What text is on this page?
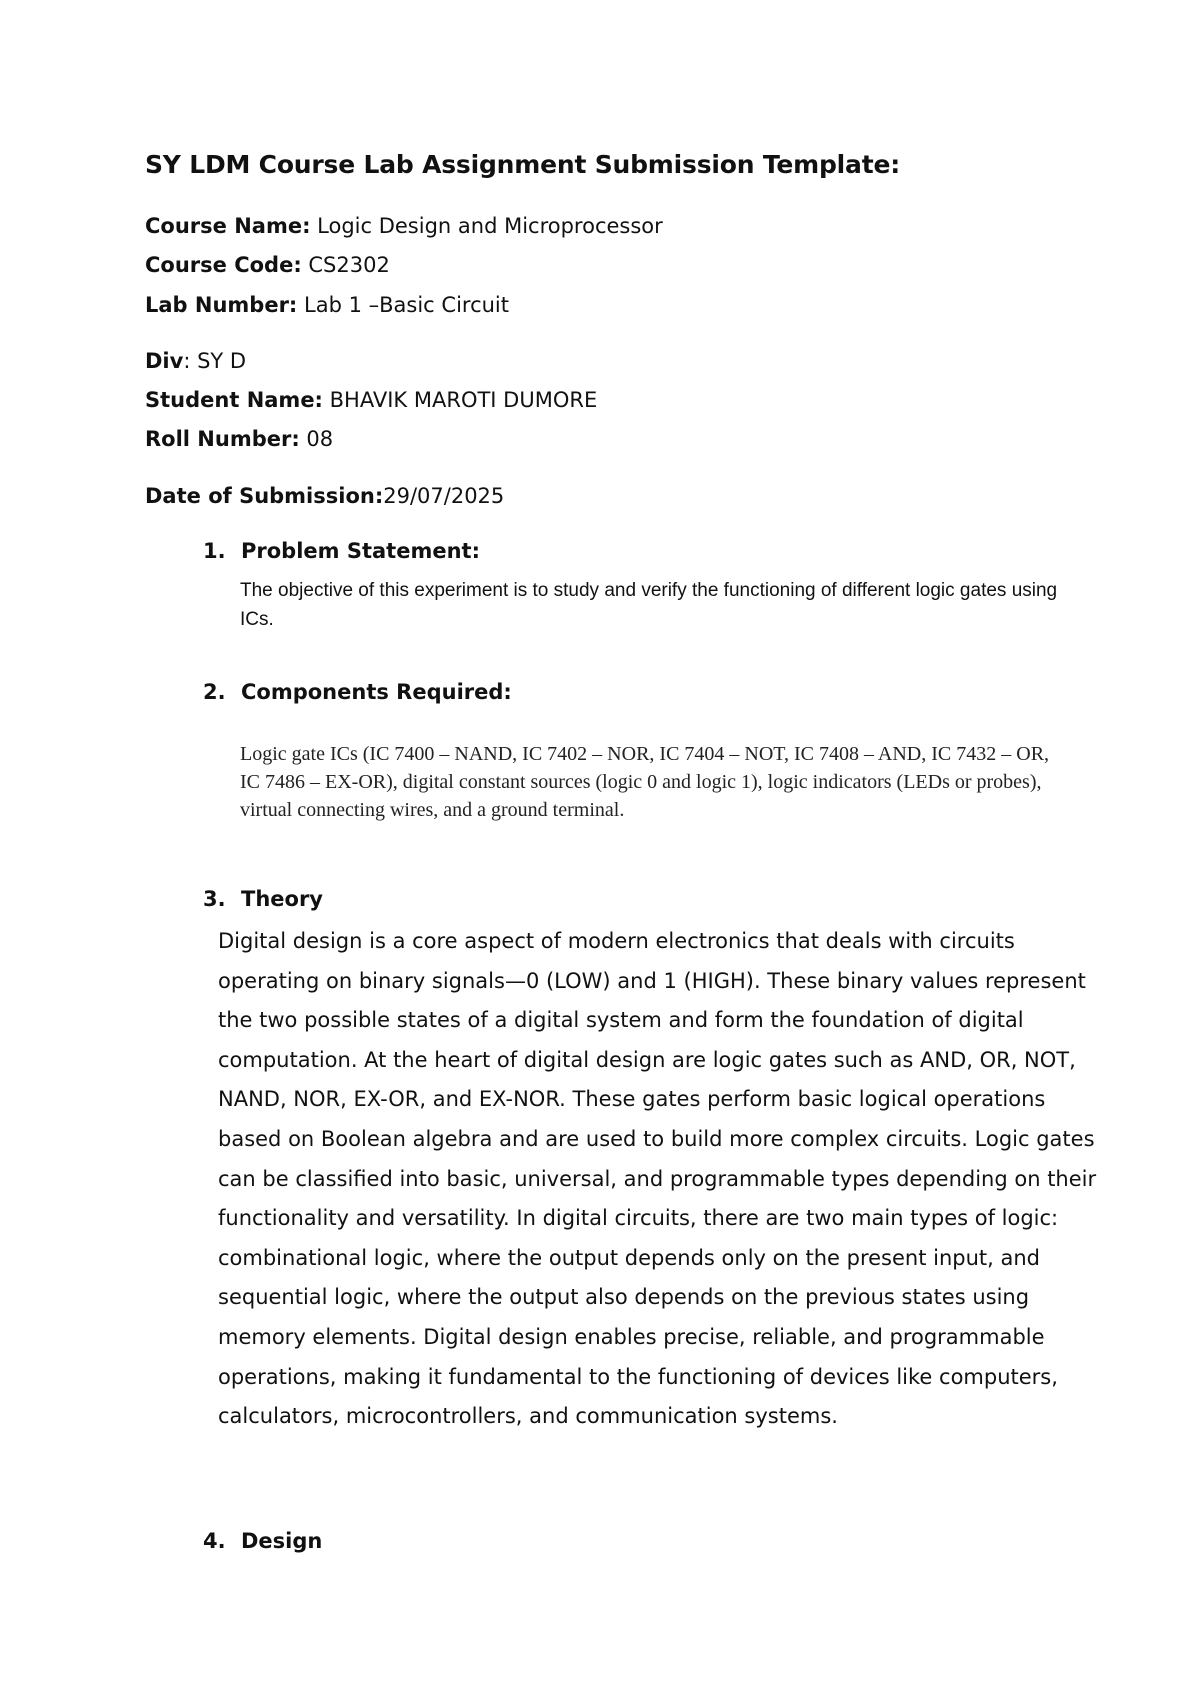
SY LDM Course Lab Assignment Submission Template:

Course Name: Logic Design and Microprocessor

Course Code: CS2302

Lab Number: Lab 1 –Basic Circuit

Div: SY D

Student Name: BHAVIK MAROTI DUMORE

Roll Number: 08

Date of Submission:29/07/2025

1. Problem Statement:

The objective of this experiment is to study and verify the functioning of different logic gates using ICs.

2. Components Required:

Logic gate ICs (IC 7400 – NAND, IC 7402 – NOR, IC 7404 – NOT, IC 7408 – AND, IC 7432 – OR, IC 7486 – EX-OR), digital constant sources (logic 0 and logic 1), logic indicators (LEDs or probes), virtual connecting wires, and a ground terminal.

3. Theory

Digital design is a core aspect of modern electronics that deals with circuits operating on binary signals—0 (LOW) and 1 (HIGH). These binary values represent the two possible states of a digital system and form the foundation of digital computation. At the heart of digital design are logic gates such as AND, OR, NOT, NAND, NOR, EX-OR, and EX-NOR. These gates perform basic logical operations based on Boolean algebra and are used to build more complex circuits. Logic gates can be classified into basic, universal, and programmable types depending on their functionality and versatility. In digital circuits, there are two main types of logic: combinational logic, where the output depends only on the present input, and sequential logic, where the output also depends on the previous states using memory elements. Digital design enables precise, reliable, and programmable operations, making it fundamental to the functioning of devices like computers, calculators, microcontrollers, and communication systems.

4. Design
